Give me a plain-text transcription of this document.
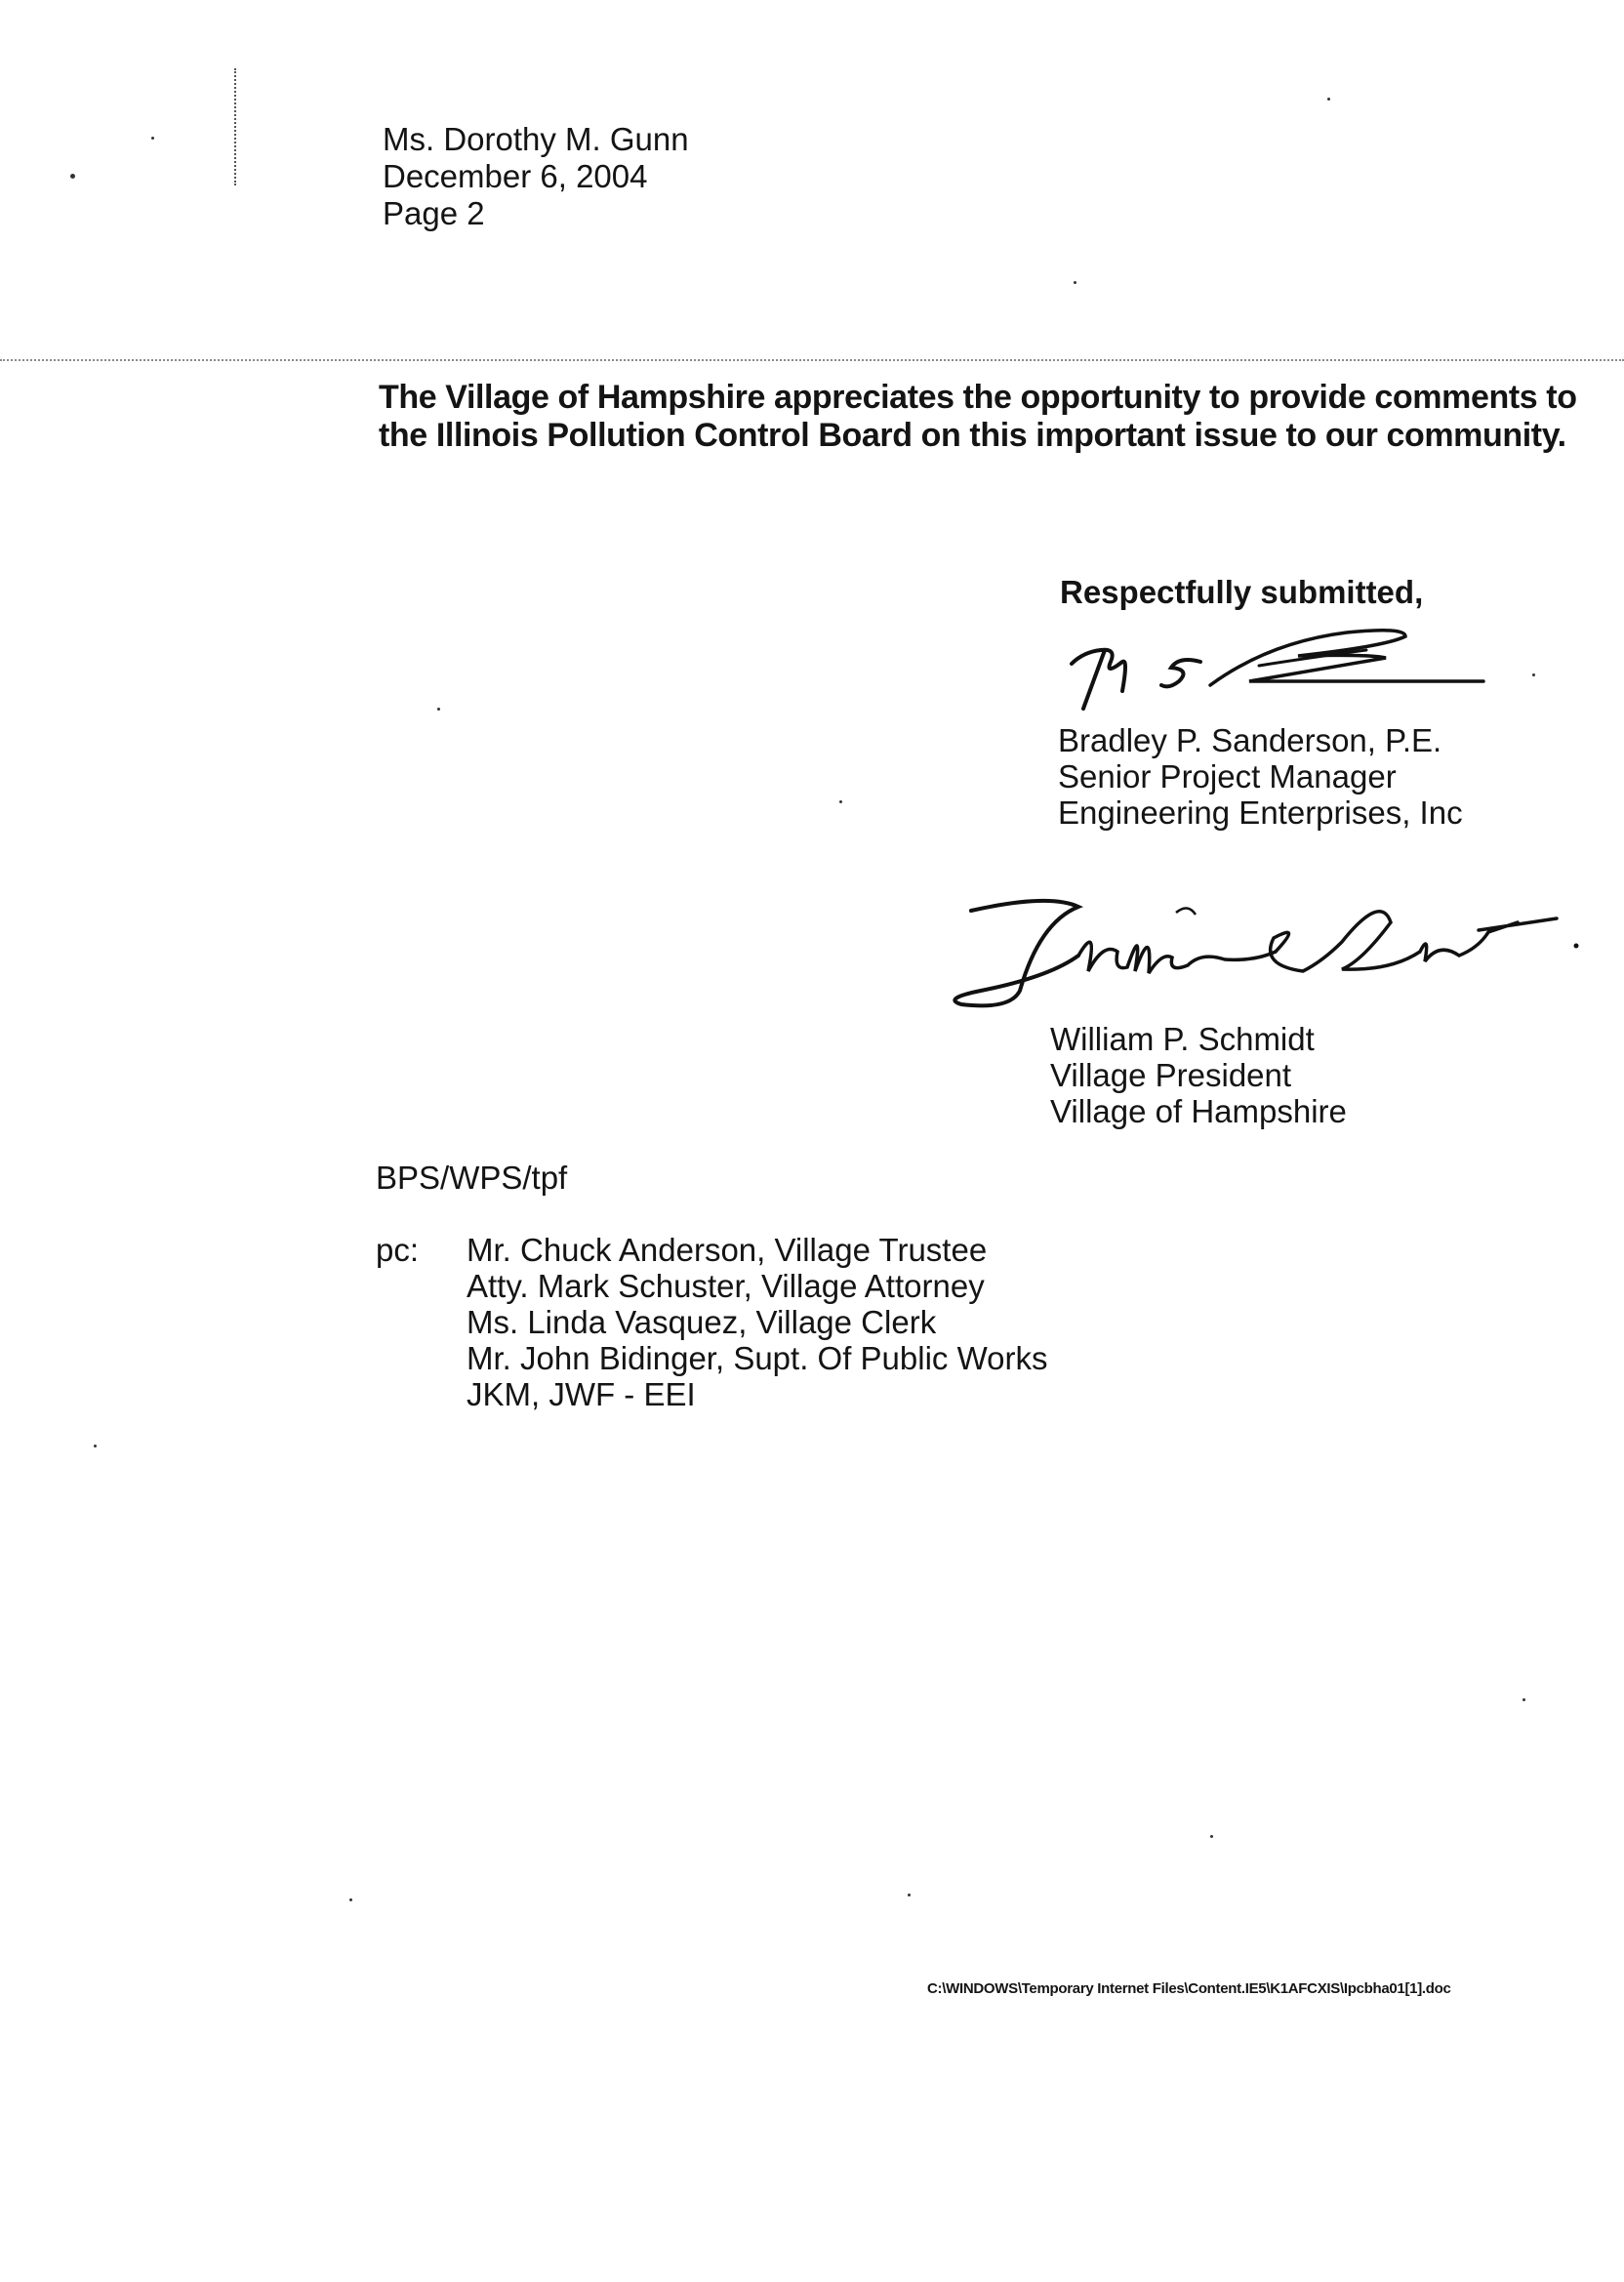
Ms. Dorothy M. Gunn
December 6, 2004
Page 2
The Village of Hampshire appreciates the opportunity to provide comments to
the Illinois Pollution Control Board on this important issue to our community.
Respectfully submitted,
Bradley P. Sanderson, P.E.
Senior Project Manager
Engineering Enterprises, Inc
William P. Schmidt
Village President
Village of Hampshire
BPS/WPS/tpf
pc: Mr. Chuck Anderson, Village Trustee
Atty. Mark Schuster, Village Attorney
Ms. Linda Vasquez, Village Clerk
Mr. John Bidinger, Supt. Of Public Works
JKM, JWF - EEI
C:\WINDOWS\Temporary Internet Files\Content.IE5\K1AFCXIS\Ipcbha01[1].doc
